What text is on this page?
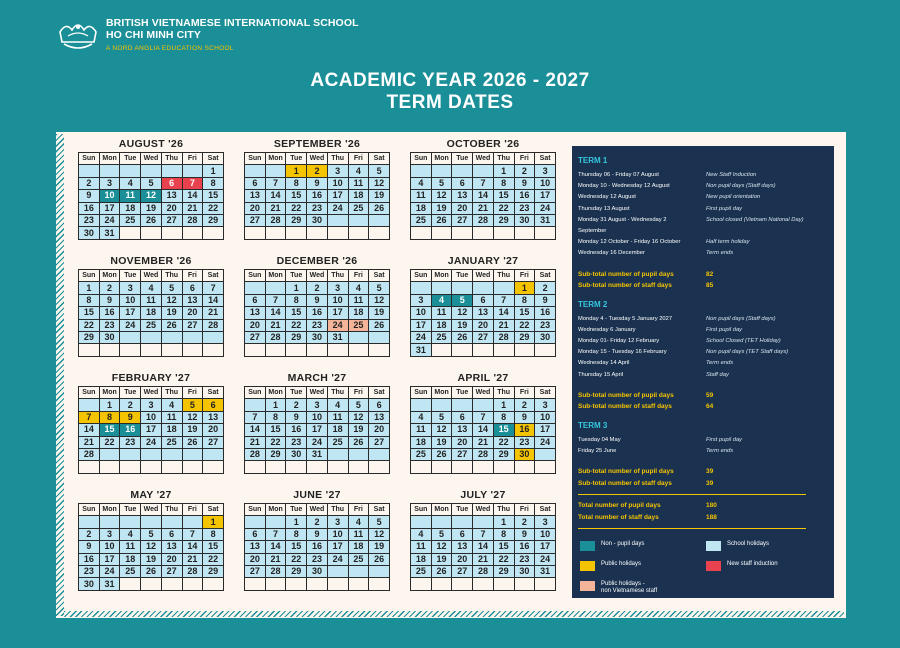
BRITISH VIETNAMESE INTERNATIONAL SCHOOL
HO CHI MINH CITY
A NORD ANGLIA EDUCATION SCHOOL
ACADEMIC YEAR 2026 - 2027
TERM DATES
AUGUST '26
Sun	Mon	Tue	Wed	Thu	Fri	Sat
						1
2	3	4	5	6	7	8
9	10	11	12	13	14	15
16	17	18	19	20	21	22
23	24	25	26	27	28	29
30	31					
SEPTEMBER '26
Sun	Mon	Tue	Wed	Thu	Fri	Sat
		1	2	3	4	5
6	7	8	9	10	11	12
13	14	15	16	17	18	19
20	21	22	23	24	25	26
27	28	29	30			

OCTOBER '26
Sun	Mon	Tue	Wed	Thu	Fri	Sat
				1	2	3
4	5	6	7	8	9	10
11	12	13	14	15	16	17
18	19	20	21	22	23	24
25	26	27	28	29	30	31

NOVEMBER '26
Sun	Mon	Tue	Wed	Thu	Fri	Sat
1	2	3	4	5	6	7
8	9	10	11	12	13	14
15	16	17	18	19	20	21
22	23	24	25	26	27	28
29	30					

DECEMBER '26
Sun	Mon	Tue	Wed	Thu	Fri	Sat
		1	2	3	4	5
6	7	8	9	10	11	12
13	14	15	16	17	18	19
20	21	22	23	24	25	26
27	28	29	30	31		

JANUARY '27
Sun	Mon	Tue	Wed	Thu	Fri	Sat
					1	2
3	4	5	6	7	8	9
10	11	12	13	14	15	16
17	18	19	20	21	22	23
24	25	26	27	28	29	30
31						
FEBRUARY '27
Sun	Mon	Tue	Wed	Thu	Fri	Sat
	1	2	3	4	5	6
7	8	9	10	11	12	13
14	15	16	17	18	19	20
21	22	23	24	25	26	27
28						

MARCH '27
Sun	Mon	Tue	Wed	Thu	Fri	Sat
	1	2	3	4	5	6
7	8	9	10	11	12	13
14	15	16	17	18	19	20
21	22	23	24	25	26	27
28	29	30	31			

APRIL '27
Sun	Mon	Tue	Wed	Thu	Fri	Sat
				1	2	3
4	5	6	7	8	9	10
11	12	13	14	15	16	17
18	19	20	21	22	23	24
25	26	27	28	29	30	

MAY '27
Sun	Mon	Tue	Wed	Thu	Fri	Sat
						1
2	3	4	5	6	7	8
9	10	11	12	13	14	15
16	17	18	19	20	21	22
23	24	25	26	27	28	29
30	31					
JUNE '27
Sun	Mon	Tue	Wed	Thu	Fri	Sat
		1	2	3	4	5
6	7	8	9	10	11	12
13	14	15	16	17	18	19
20	21	22	23	24	25	26
27	28	29	30			

JULY '27
Sun	Mon	Tue	Wed	Thu	Fri	Sat
				1	2	3
4	5	6	7	8	9	10
11	12	13	14	15	16	17
18	19	20	21	22	23	24
25	26	27	28	29	30	31

TERM 1
Thursday 06 - Friday 07 August	New Staff Induction
Monday 10 - Wednesday 12 August	Non pupil days (Staff days)
Wednesday 12 August	New pupil orientation
Thursday 13 August	First pupil day
Monday 31 August - Wednesday 2	School closed (Vietnam National Day)
September
Monday 12 October - Friday 16 October	Half term holiday
Wednesday 16 December	Term ends
Sub-total number of pupil days	82
Sub-total number of staff days	85
TERM 2
Monday 4 - Tuesday 5 January 2027	Non pupil days (Staff days)
Wednesday 6 January	First pupil day
Monday 01- Friday 12 February	School Closed (TET Holiday)
Monday 15 - Tuesday 16 February	Non pupil days (TET Staff days)
Wednesday 14 April	Term ends
Thursday 15 April	Staff day
Sub-total number of pupil days	59
Sub-total number of staff days	64
TERM 3
Tuesday 04 May	First pupil day
Friday 25 June	Term ends
Sub-total number of pupil days	39
Sub-total number of staff days	39
Total number of pupil days	180
Total number of staff days	188
Non - pupil days	School holidays
Public holidays	New staff induction
Public holidays -
non Vietnamese staff
